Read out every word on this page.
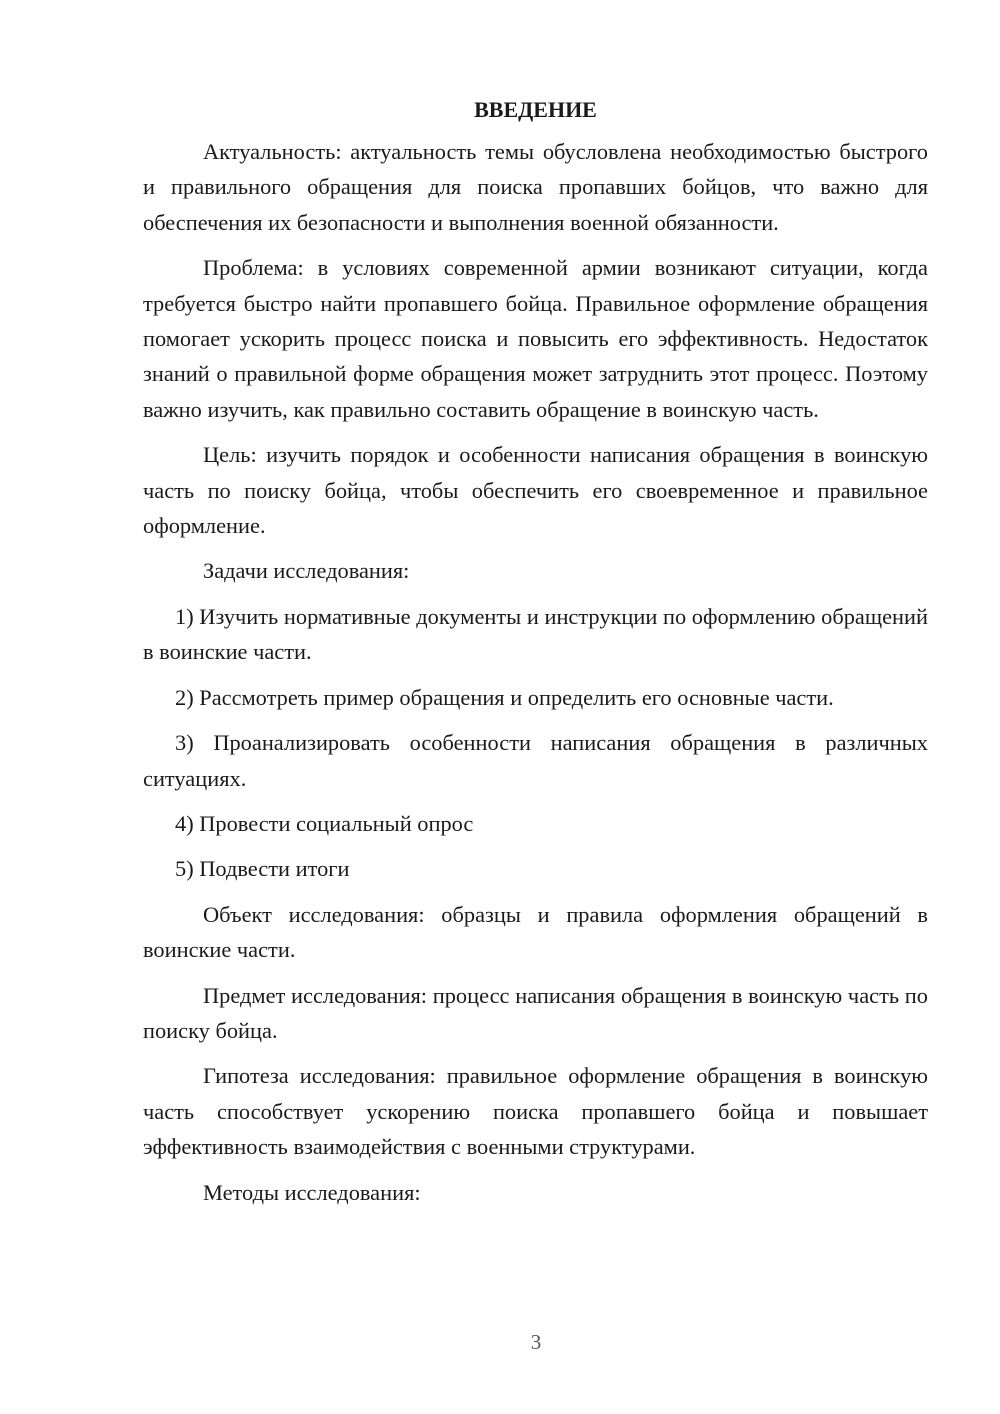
ВВЕДЕНИЕ

Актуальность: актуальность темы обусловлена необходимостью быстрого и правильного обращения для поиска пропавших бойцов, что важно для обеспечения их безопасности и выполнения военной обязанности.

Проблема: в условиях современной армии возникают ситуации, когда требуется быстро найти пропавшего бойца. Правильное оформление обращения помогает ускорить процесс поиска и повысить его эффективность. Недостаток знаний о правильной форме обращения может затруднить этот процесс. Поэтому важно изучить, как правильно составить обращение в воинскую часть.

Цель: изучить порядок и особенности написания обращения в воинскую часть по поиску бойца, чтобы обеспечить его своевременное и правильное оформление.

Задачи исследования:

1) Изучить нормативные документы и инструкции по оформлению обращений в воинские части.

2) Рассмотреть пример обращения и определить его основные части.

3) Проанализировать особенности написания обращения в различных ситуациях.

4) Провести социальный опрос

5) Подвести итоги

Объект исследования: образцы и правила оформления обращений в воинские части.

Предмет исследования: процесс написания обращения в воинскую часть по поиску бойца.

Гипотеза исследования: правильное оформление обращения в воинскую часть способствует ускорению поиска пропавшего бойца и повышает эффективность взаимодействия с военными структурами.

Методы исследования:

3
